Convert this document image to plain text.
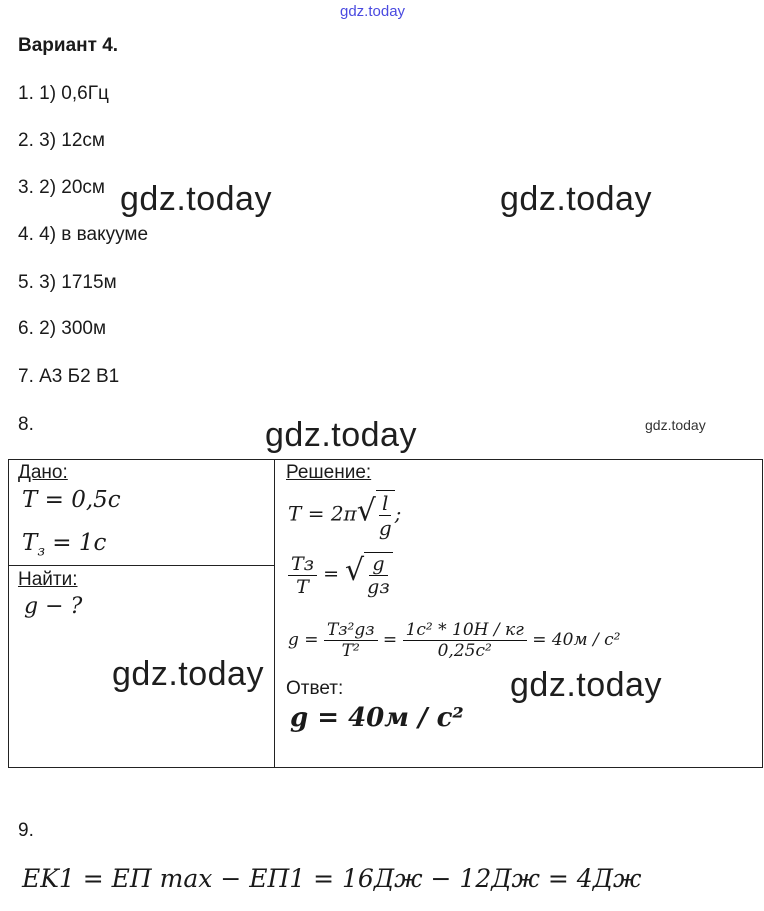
gdz.today
Вариант 4.
1. 1) 0,6Гц
2. 3) 12см
3. 2) 20см
4. 4) в вакууме
5. 3) 1715м
6. 2) 300м
7. А3 Б2 В1
8.
gdz.today	gdz.today
gdz.today	gdz.today
Дано:
T = 0,5c
$T_з = 1c$
Найти:
g − ?
Решение:
$T = 2\pi√ \frac{l}{g}$ ;
$\frac{Tз}{T}$ = √ $\frac{g}{gз}$
$g = \frac{\text{Tз²gз}}{\text{T²}} = \frac{\text{1c² * 10Н / кг}}{\text{0,25c²}} = 40м / c^2$
gdz.today	gdz.today
Ответ:
g = 40м / c²
9.
EK1 = EП max − EП1 = 16Дж − 12Дж = 4Дж
